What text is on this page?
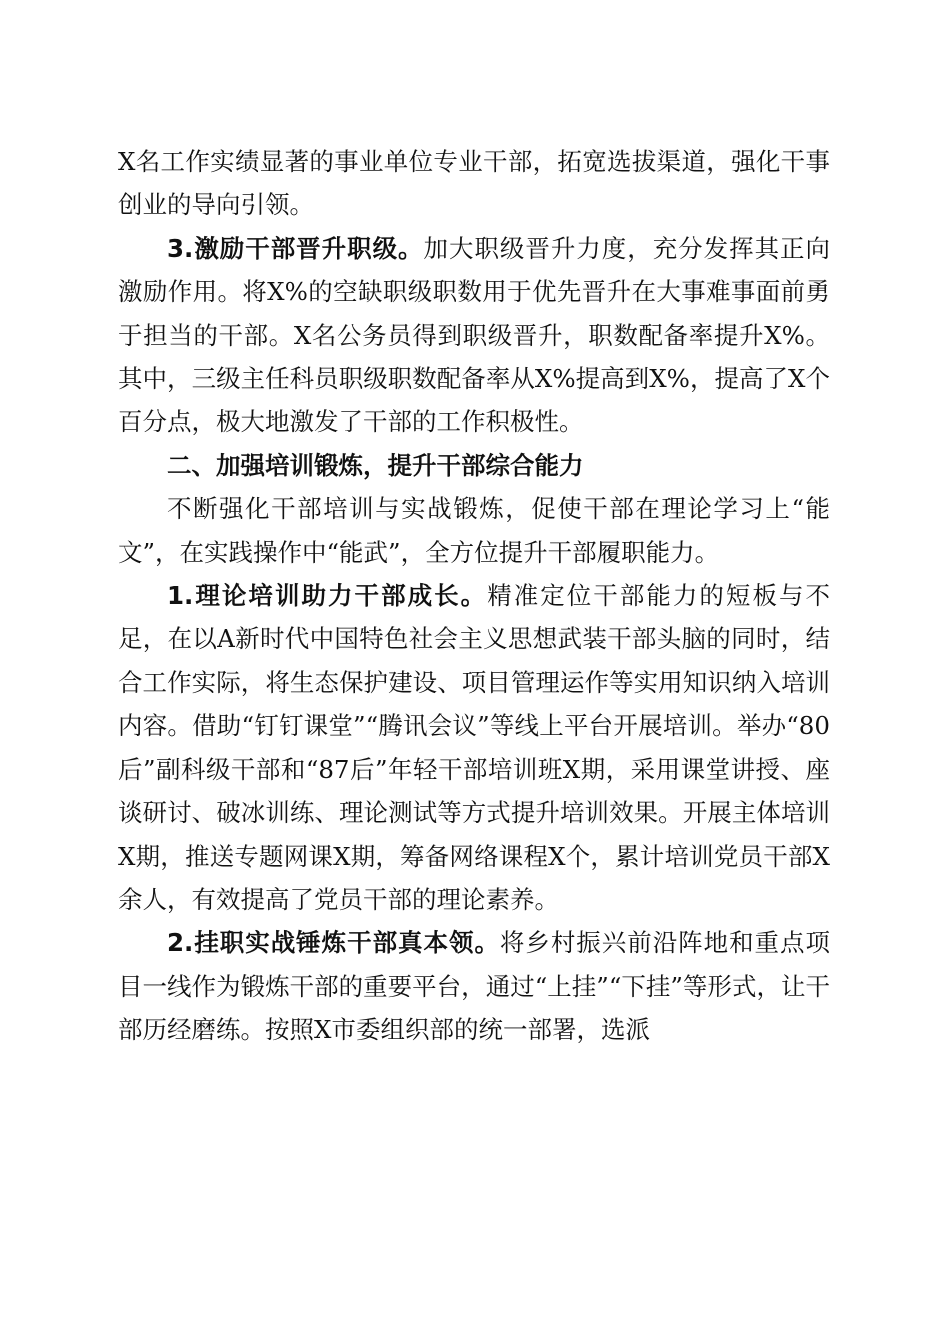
X名工作实绩显著的事业单位专业干部，拓宽选拔渠道，强化干事创业的导向引领。

3.激励干部晋升职级。加大职级晋升力度，充分发挥其正向激励作用。将X%的空缺职级职数用于优先晋升在大事难事面前勇于担当的干部。X名公务员得到职级晋升，职数配备率提升X%。其中，三级主任科员职级职数配备率从X%提高到X%，提高了X个百分点，极大地激发了干部的工作积极性。

二、加强培训锻炼，提升干部综合能力

不断强化干部培训与实战锻炼，促使干部在理论学习上“能文”，在实践操作中“能武”，全方位提升干部履职能力。

1.理论培训助力干部成长。精准定位干部能力的短板与不足，在以A新时代中国特色社会主义思想武装干部头脑的同时，结合工作实际，将生态保护建设、项目管理运作等实用知识纳入培训内容。借助“钉钉课堂”“腾讯会议”等线上平台开展培训。举办“80后”副科级干部和“87后”年轻干部培训班X期，采用课堂讲授、座谈研讨、破冰训练、理论测试等方式提升培训效果。开展主体培训X期，推送专题网课X期，筹备网络课程X个，累计培训党员干部X余人，有效提高了党员干部的理论素养。

2.挂职实战锤炼干部真本领。将乡村振兴前沿阵地和重点项目一线作为锻炼干部的重要平台，通过“上挂”“下挂”等形式，让干部历经磨练。按照X市委组织部的统一部署，选派
